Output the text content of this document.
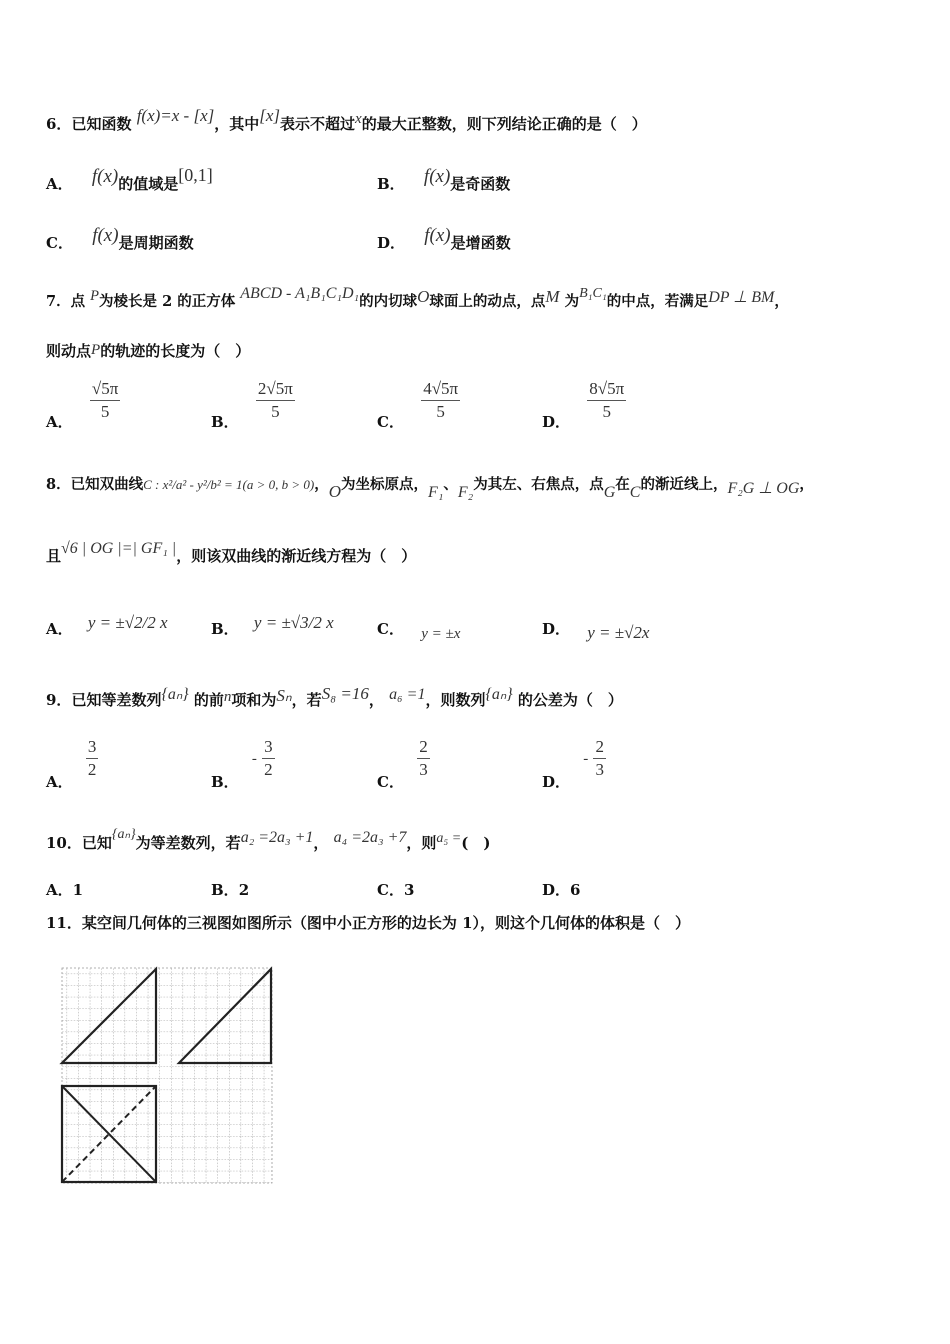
6．已知函数 f(x)=x - [x]，其中[x]表示不超过x的最大正整数，则下列结论正确的是（　）
A． f(x)的值域是[0,1]	B． f(x)是奇函数
C． f(x)是周期函数	D． f(x)是增函数
7．点 P为棱长是 2 的正方体 ABCD - A₁B₁C₁D₁的内切球O球面上的动点，点M 为B₁C₁的中点，若满足DP ⊥ BM，
则动点P的轨迹的长度为（　）
A． $\frac{√5\pi}{5}$	B． $\frac{2√5\pi}{5}$	C． $\frac{4√5\pi}{5}$	D． $\frac{8√5\pi}{5}$
8．已知双曲线C : x²/a² - y²/b² = 1(a > 0, b > 0)，O为坐标原点，F₁、F₂为其左、右焦点，点G在C的渐近线上，F₂G ⊥ OG，
且√6 | OG |=| GF₁ |，则该双曲线的渐近线方程为（　）
A． y = ±√2/2 x	B． y = ±√3/2 x	C． y = ±x	D． y = ±√2x
9．已知等差数列{aₙ} 的前n项和为Sₙ，若S₈ =16， a₆ =1，则数列{aₙ} 的公差为（　）
A．
$\frac{3}{2}$
B． - $\frac{3}{2}$
C．
$\frac{2}{3}$
D． - $\frac{2}{3}$
10．已知{aₙ}为等差数列，若a₂ =2a₃ +1， a₄ =2a₃ +7，则a₅ =(　)
A．1	B．2	C．3	D．6
11．某空间几何体的三视图如图所示（图中小正方形的边长为 1），则这个几何体的体积是（　）
